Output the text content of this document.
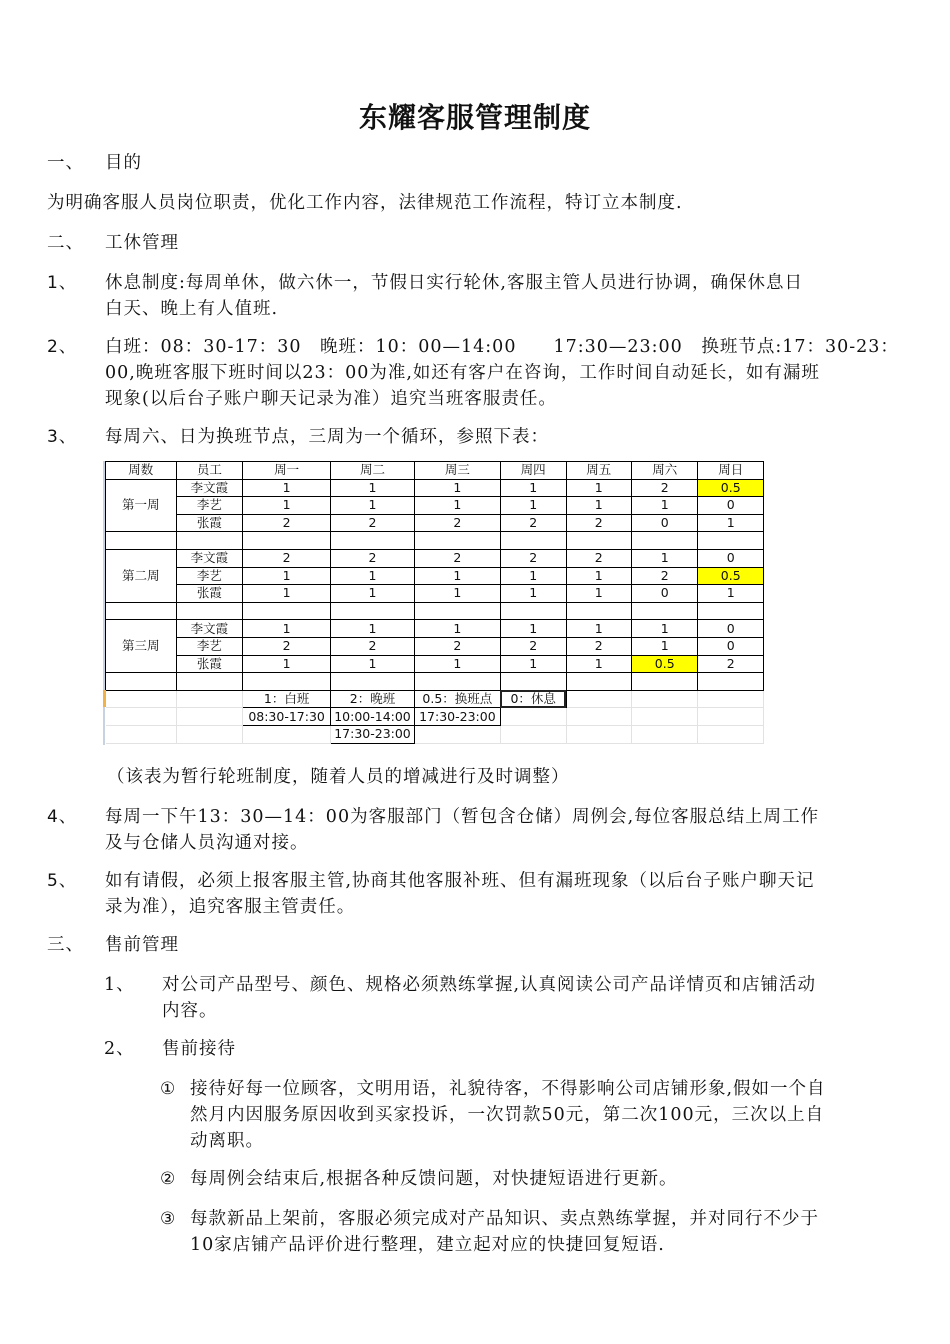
东耀客服管理制度
一、 目的
为明确客服人员岗位职责，优化工作内容，法律规范工作流程，特订立本制度.
二、 工休管理
1、 休息制度:每周单休，做六休一，节假日实行轮休,客服主管人员进行协调，确保休息日
白天、晚上有人值班.
2、 白班：08：30-17：30　晚班：10：00—14:00　　17:30—23:00　换班节点:17：30-23：
00,晚班客服下班时间以23：00为准,如还有客户在咨询，工作时间自动延长，如有漏班
现象(以后台子账户聊天记录为准）追究当班客服责任。
3、 每周六、日为换班节点，三周为一个循环，参照下表：
周数	员工	周一	周二	周三	周四	周五	周六	周日
第一周	李文霞	1	1	1	1	1	2	0.5
	李艺	1	1	1	1	1	1	0
	张霞	2	2	2	2	2	0	1

第二周	李文霞	2	2	2	2	2	1	0
	李艺	1	1	1	1	1	2	0.5
	张霞	1	1	1	1	1	0	1

第三周	李文霞	1	1	1	1	1	1	0
	李艺	2	2	2	2	2	1	0
	张霞	1	1	1	1	1	0.5	2

		1：白班	2：晚班	0.5：换班点	0：休息			
		08:30-17:30	10:00-14:00	17:30-23:00				
			17:30-23:00					
（该表为暂行轮班制度，随着人员的增减进行及时调整）
4、 每周一下午13：30—14：00为客服部门（暂包含仓储）周例会,每位客服总结上周工作
及与仓储人员沟通对接。
5、 如有请假，必须上报客服主管,协商其他客服补班、但有漏班现象（以后台子账户聊天记
录为准），追究客服主管责任。
三、 售前管理
1、 对公司产品型号、颜色、规格必须熟练掌握,认真阅读公司产品详情页和店铺活动
内容。
2、 售前接待
① 接待好每一位顾客，文明用语，礼貌待客，不得影响公司店铺形象,假如一个自
然月内因服务原因收到买家投诉，一次罚款50元，第二次100元，三次以上自
动离职。
② 每周例会结束后,根据各种反馈问题，对快捷短语进行更新。
③ 每款新品上架前，客服必须完成对产品知识、卖点熟练掌握，并对同行不少于
10家店铺产品评价进行整理，建立起对应的快捷回复短语.
